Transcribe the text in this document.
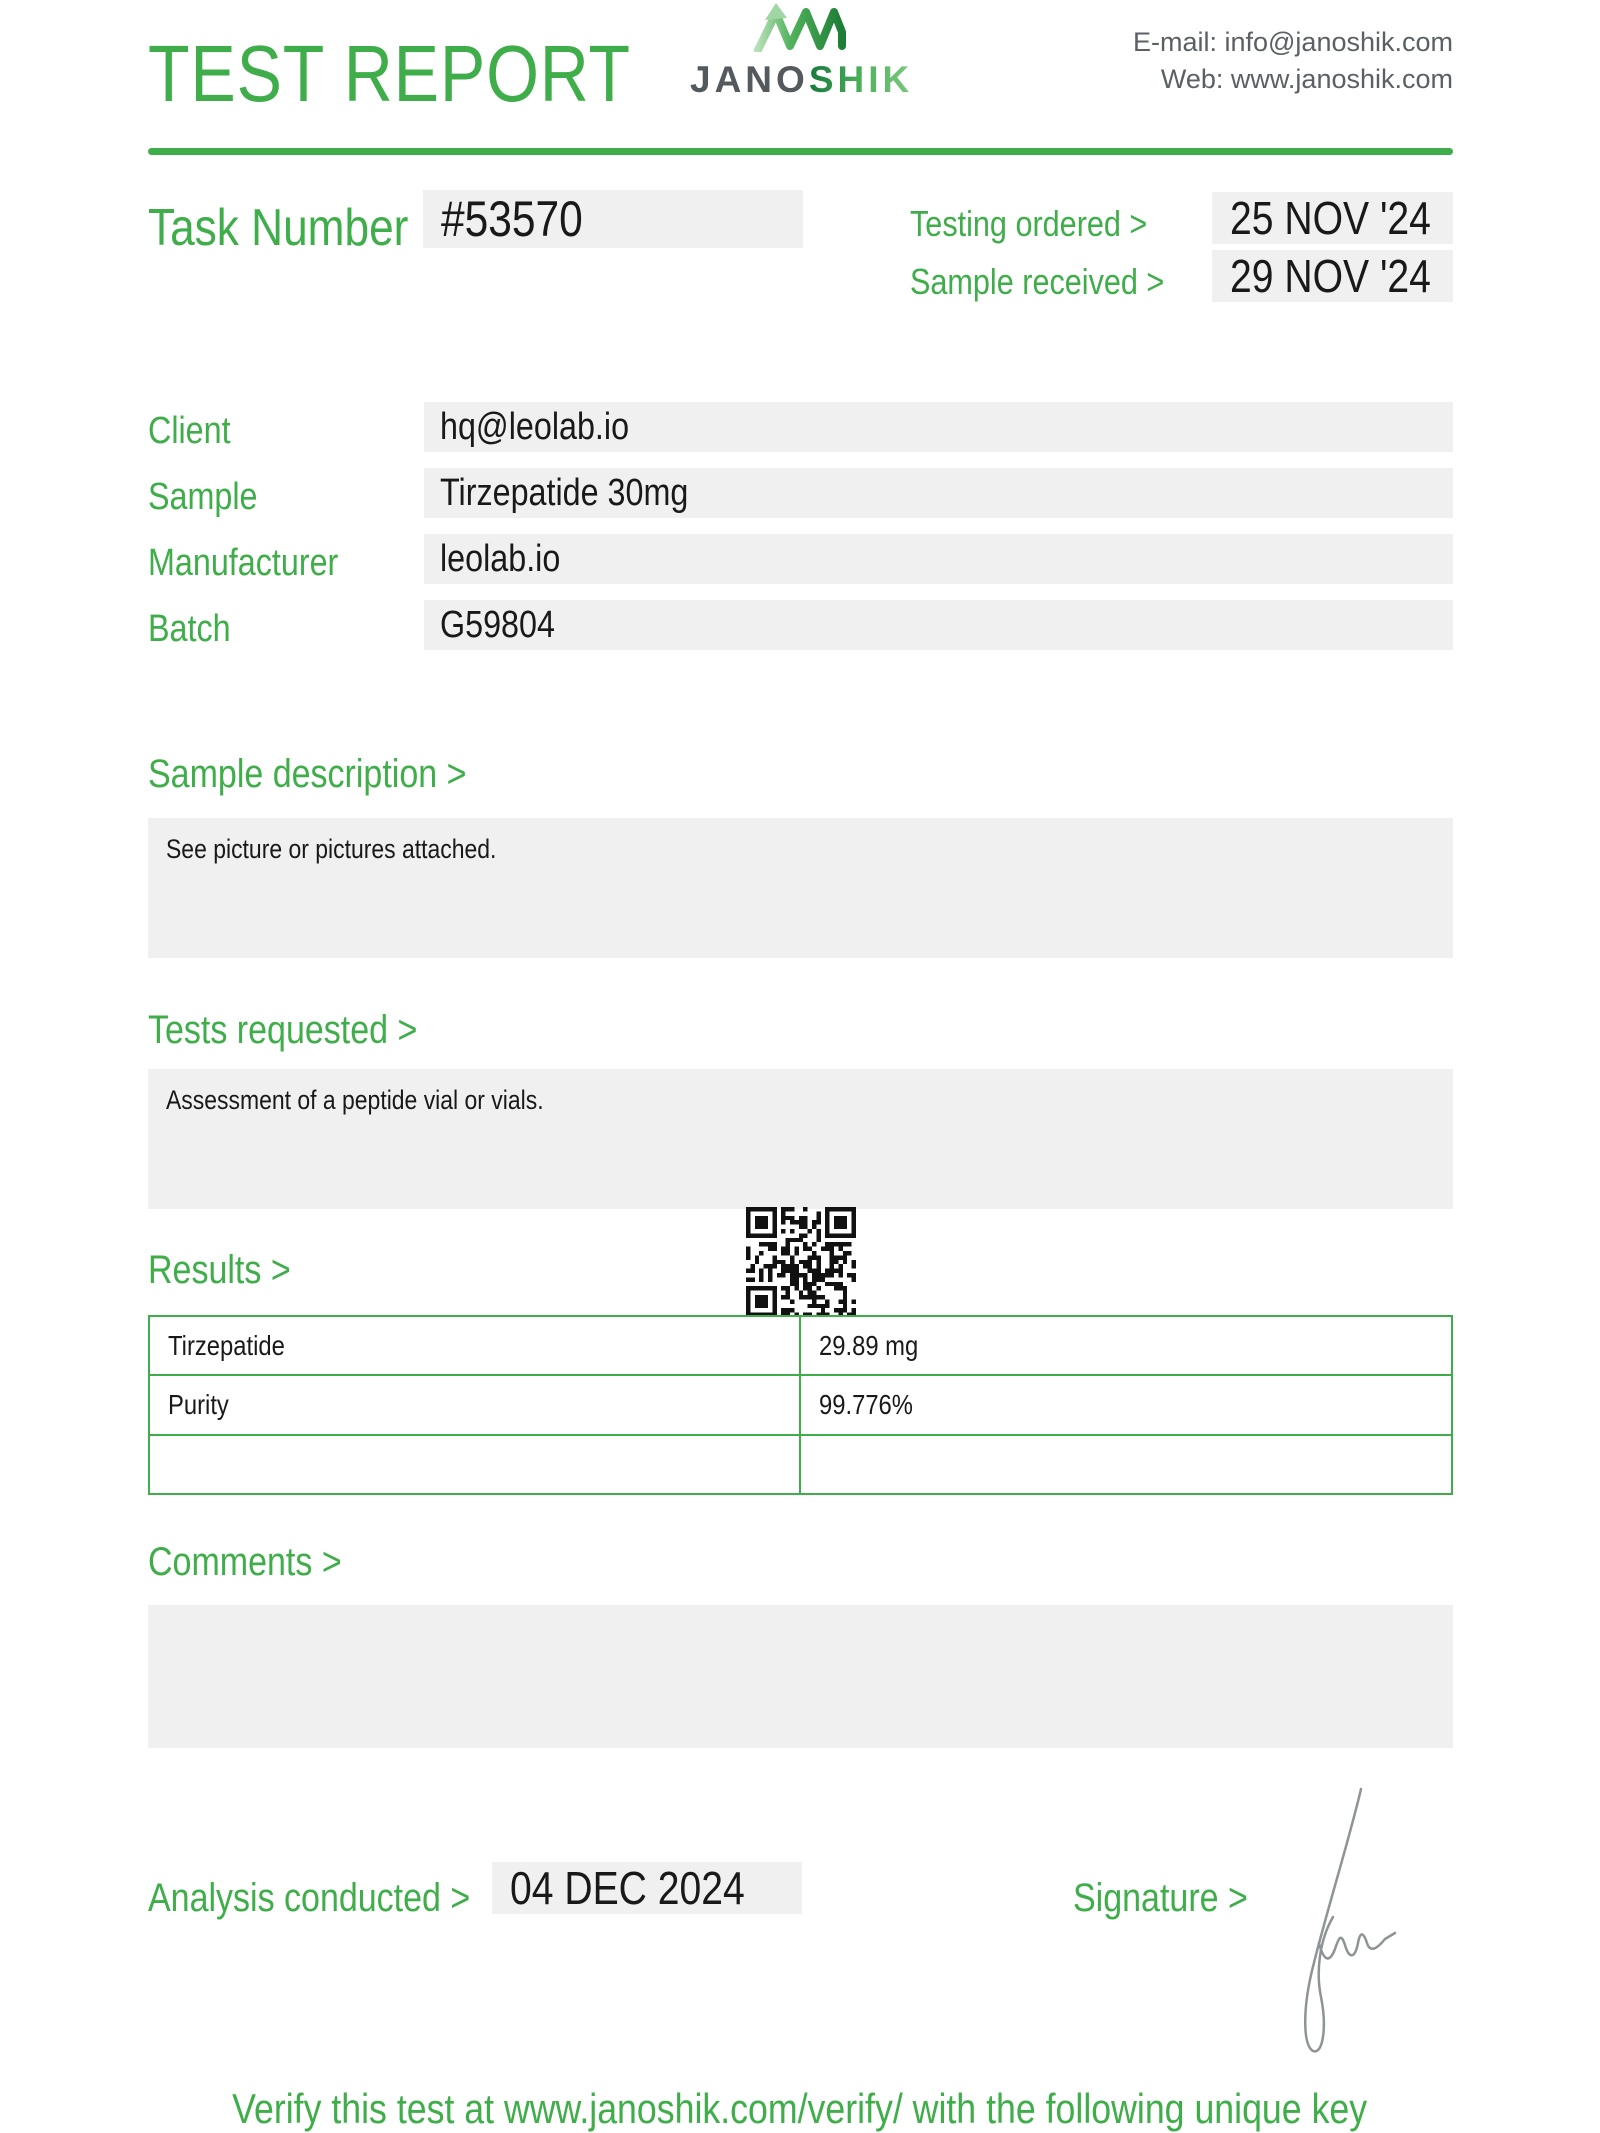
TEST REPORT JANOSHIK
E-mail: info@janoshik.com
Web: www.janoshik.com
Task Number #53570	Testing ordered >	25 NOV '24
Sample received >	29 NOV '24
Client	hq@leolab.io
Sample	Tirzepatide 30mg
Manufacturer	leolab.io
Batch	G59804
Sample description >
See picture or pictures attached.
Tests requested >
Assessment of a peptide vial or vials.
Results >
Tirzepatide	29.89 mg
Purity	99.776%
Comments >
Analysis conducted > 04 DEC 2024	Signature >
Verify this test at www.janoshik.com/verify/ with the following unique key
